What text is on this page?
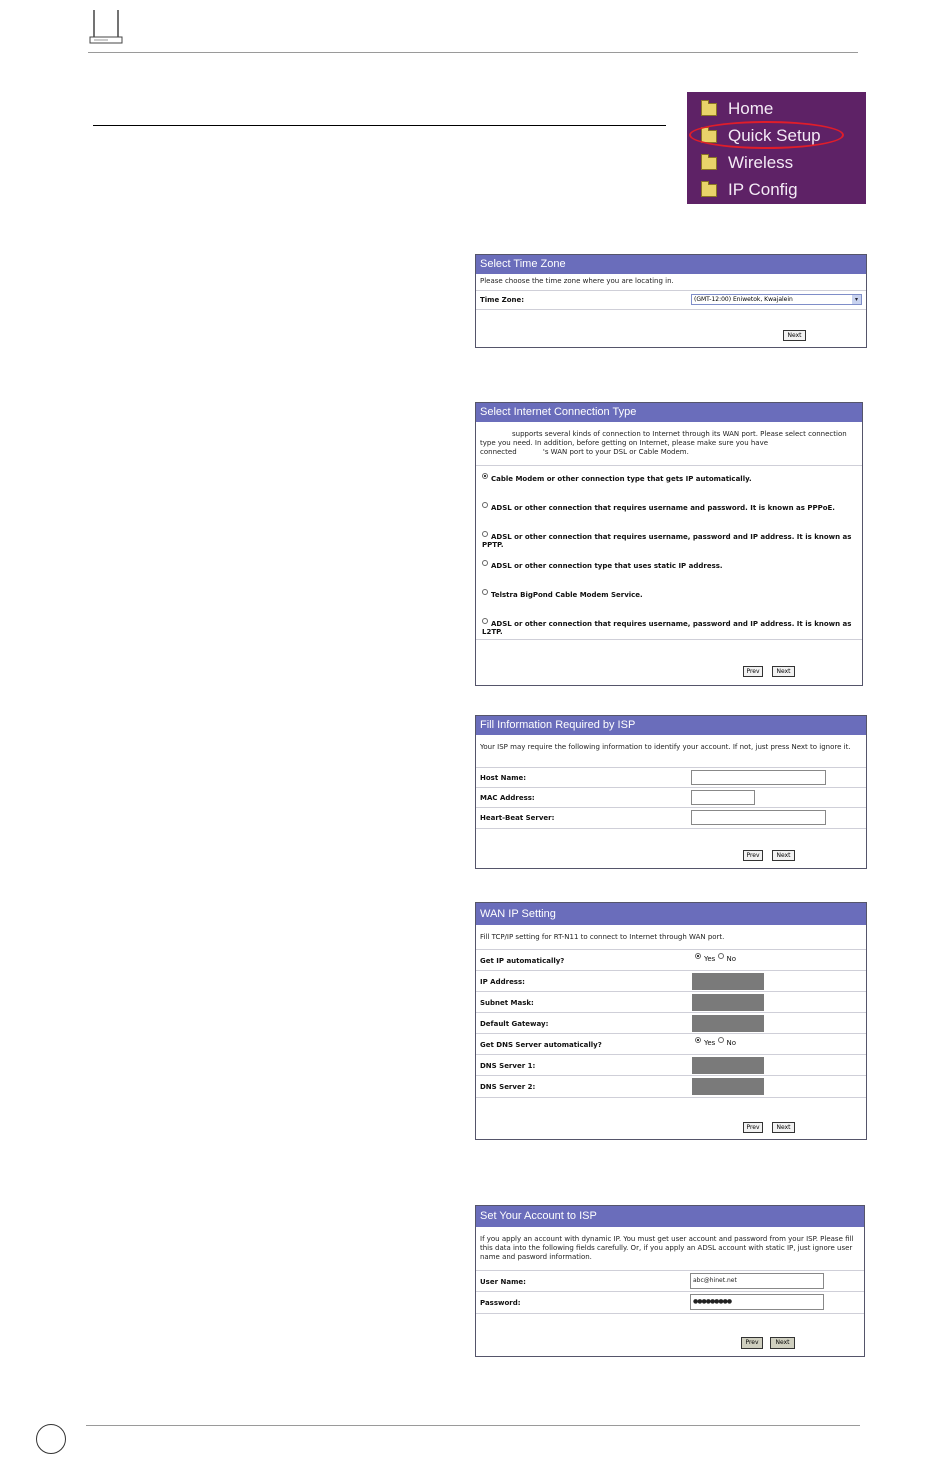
Home
Quick Setup
Wireless
IP Config
Select Time Zone
Please choose the time zone where you are locating in.
Time Zone:	(GMT-12:00) Eniwetok, Kwajalein	▾
Next
Select Internet Connection Type
supports several kinds of connection to Internet through its WAN port. Please select connection type you need. In addition, before getting on Internet, please make sure you have
connected	's WAN port to your DSL or Cable Modem.
Cable Modem or other connection type that gets IP automatically.
ADSL or other connection that requires username and password. It is known as PPPoE.
ADSL or other connection that requires username, password and IP address. It is known as PPTP.
ADSL or other connection type that uses static IP address.
Telstra BigPond Cable Modem Service.
ADSL or other connection that requires username, password and IP address. It is known as L2TP.
Prev	Next
Fill Information Required by ISP
Your ISP may require the following information to identify your account. If not, just press Next to ignore it.
Host Name:
MAC Address:
Heart-Beat Server:
Prev	Next
WAN IP Setting
Fill TCP/IP setting for RT-N11 to connect to Internet through WAN port.
Get IP automatically?	Yes No
IP Address:
Subnet Mask:
Default Gateway:
Get DNS Server automatically?	Yes No
DNS Server 1:
DNS Server 2:
Prev	Next
Set Your Account to ISP
If you apply an account with dynamic IP. You must get user account and password from your ISP. Please fill this data into the following fields carefully. Or, if you apply an ADSL account with static IP, just ignore user name and pasword information.
User Name:	abc@hinet.net
Password:	●●●●●●●●●
Prev	Next
